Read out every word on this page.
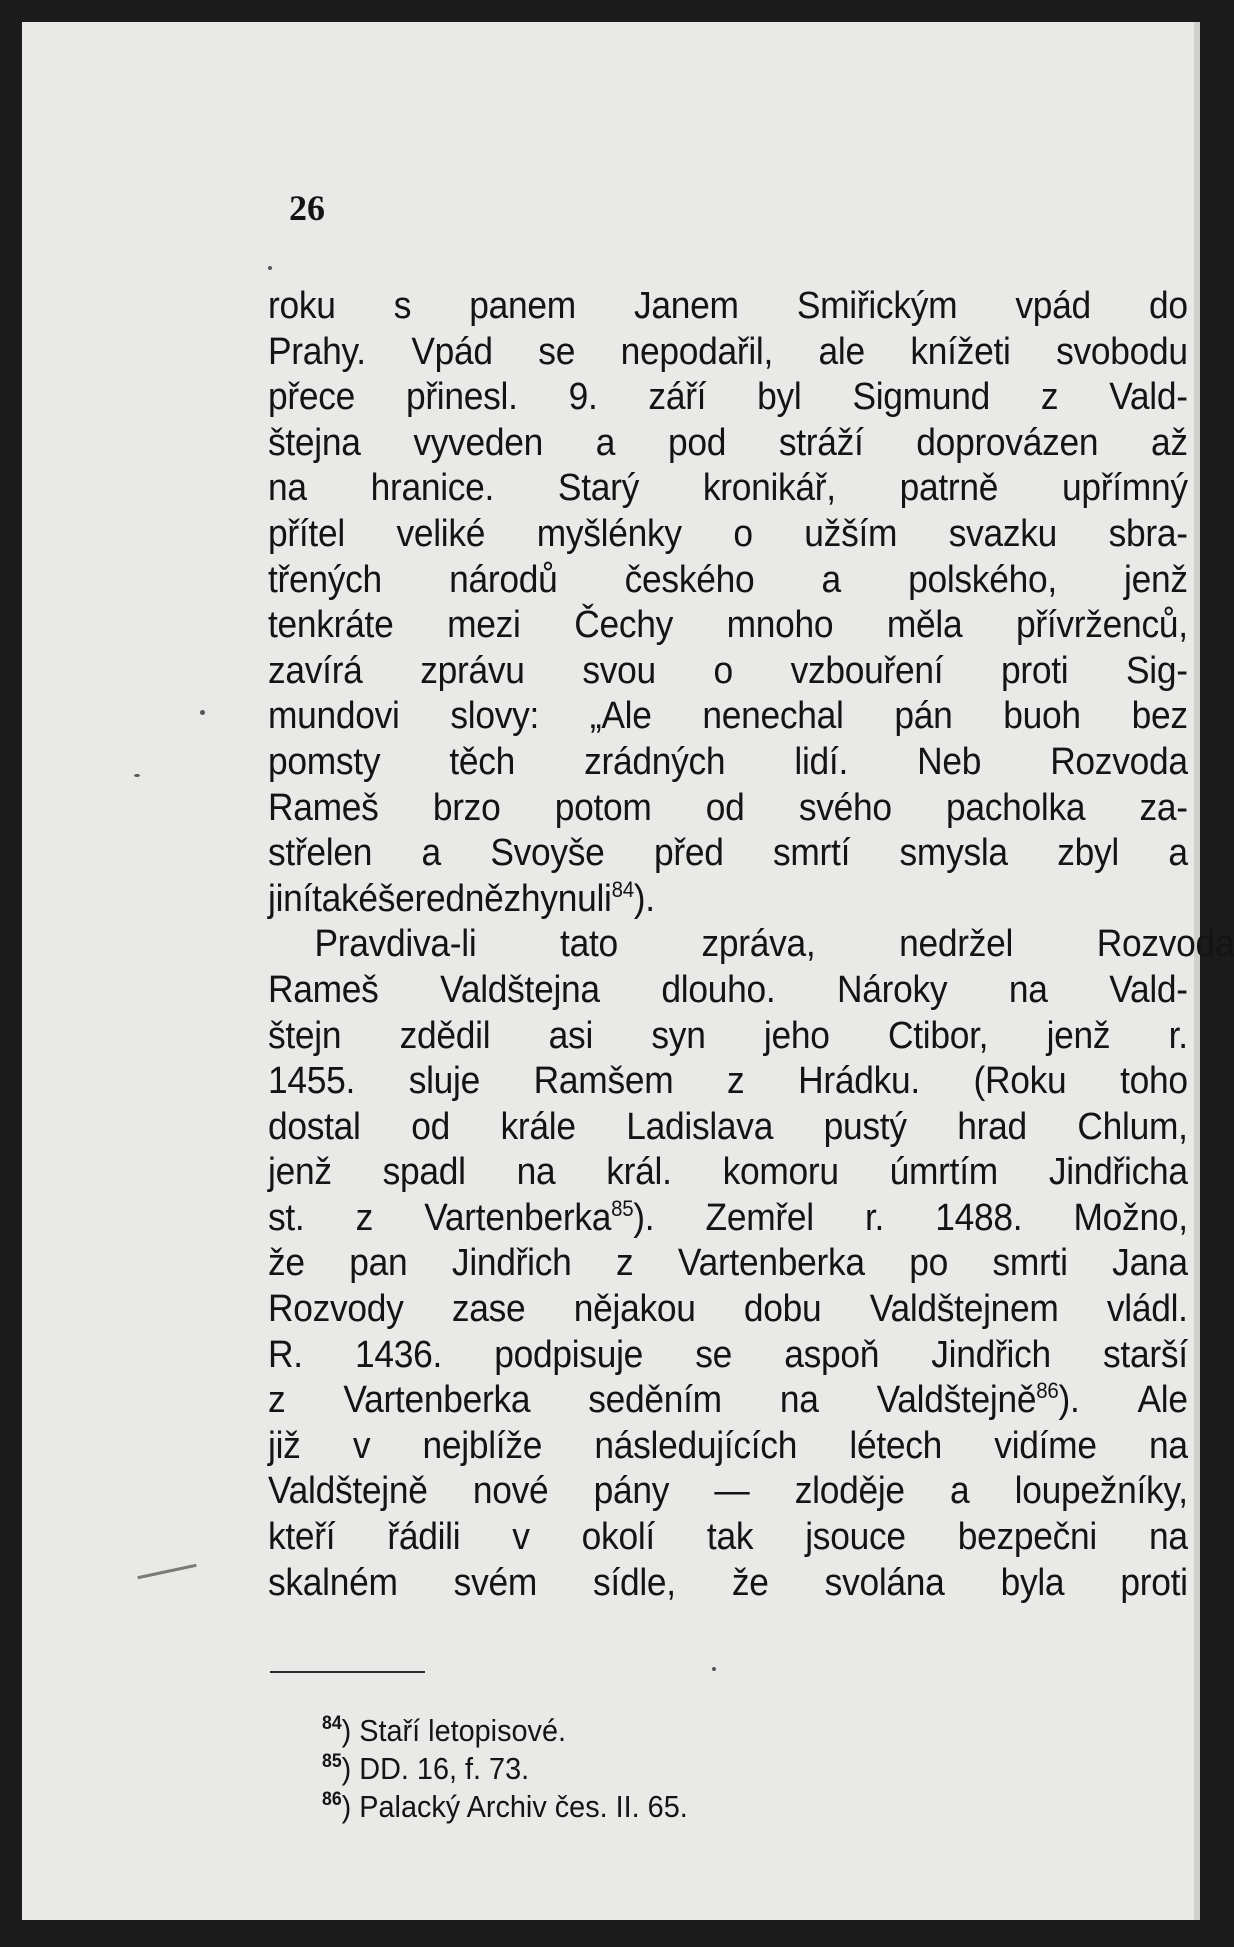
26
roku s panem Janem Smiřickým vpád do
Prahy. Vpád se nepodařil, ale knížeti svobodu
přece přinesl. 9. září byl Sigmund z Vald-
štejna vyveden a pod stráží doprovázen až
na hranice. Starý kronikář, patrně upřímný
přítel veliké myšlénky o užším svazku sbra-
třených národů českého a polského, jenž
tenkráte mezi Čechy mnoho měla přívrženců,
zavírá zprávu svou o vzbouření proti Sig-
mundovi slovy: „Ale nenechal pán buoh bez
pomsty těch zrádných lidí. Neb Rozvoda
Rameš brzo potom od svého pacholka za-
střelen a Svoyše před smrtí smysla zbyl a
jiní také šeredně zhynuli$^{84}$).
Pravdiva-li tato zpráva, nedržel Rozvoda
Rameš Valdštejna dlouho. Nároky na Vald-
štejn zdědil asi syn jeho Ctibor, jenž r.
1455. sluje Ramšem z Hrádku. (Roku toho
dostal od krále Ladislava pustý hrad Chlum,
jenž spadl na král. komoru úmrtím Jindřicha
st. z Vartenberka$^{85}$). Zemřel r. 1488. Možno,
že pan Jindřich z Vartenberka po smrti Jana
Rozvody zase nějakou dobu Valdštejnem vládl.
R. 1436. podpisuje se aspoň Jindřich starší
z Vartenberka seděním na Valdštejně$^{86}$). Ale
již v nejblíže následujících létech vidíme na
Valdštejně nové pány — zloděje a loupežníky,
kteří řádili v okolí tak jsouce bezpečni na
skalném svém sídle, že svolána byla proti
$^{84}$) Staří letopisové.
$^{85}$) DD. 16, f. 73.
$^{86}$) Palacký Archiv čes. II. 65.
